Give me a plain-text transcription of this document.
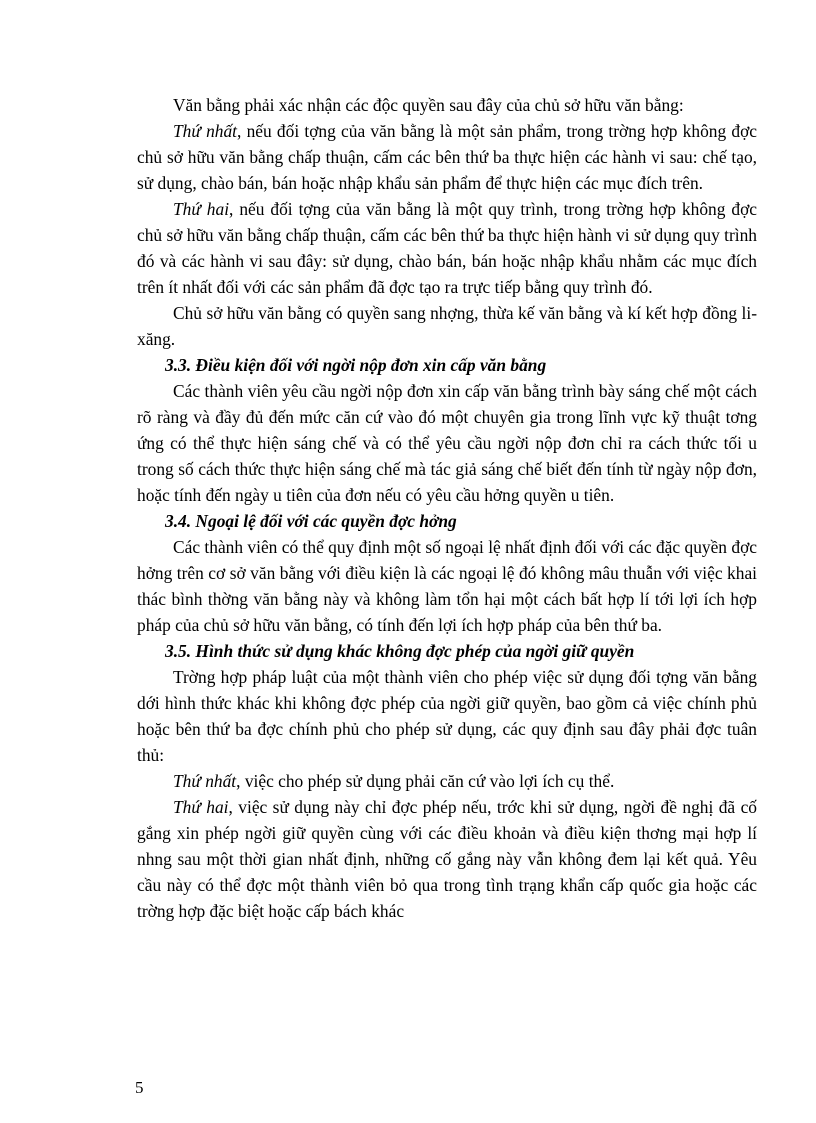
Văn bằng phải xác nhận các độc quyền sau đây của chủ sở hữu văn bằng:

Thứ nhất, nếu đối tợng của văn bằng là một sản phẩm, trong trờng hợp không đợc chủ sở hữu văn bằng chấp thuận, cấm các bên thứ ba thực hiện các hành vi sau: chế tạo, sử dụng, chào bán, bán hoặc nhập khẩu sản phẩm để thực hiện các mục đích trên.

Thứ hai, nếu đối tợng của văn bằng là một quy trình, trong trờng hợp không đợc chủ sở hữu văn bằng chấp thuận, cấm các bên thứ ba thực hiện hành vi sử dụng quy trình đó và các hành vi sau đây: sử dụng, chào bán, bán hoặc nhập khẩu nhằm các mục đích trên ít nhất đối với các sản phẩm đã đợc tạo ra trực tiếp bằng quy trình đó.

Chủ sở hữu văn bằng có quyền sang nhợng, thừa kế văn bằng và kí kết hợp đồng li-xăng.

3.3. Điều kiện đối với ngời nộp đơn xin cấp văn bằng

Các thành viên yêu cầu ngời nộp đơn xin cấp văn bằng trình bày sáng chế một cách rõ ràng và đầy đủ đến mức căn cứ vào đó một chuyên gia trong lĩnh vực kỹ thuật tơng ứng có thể thực hiện sáng chế và có thể yêu cầu ngời nộp đơn chỉ ra cách thức tối u trong số cách thức thực hiện sáng chế mà tác giả sáng chế biết đến tính từ ngày nộp đơn, hoặc tính đến ngày u tiên của đơn nếu có yêu cầu hởng quyền u tiên.

3.4. Ngoại lệ đối với các quyền đợc hởng

Các thành viên có thể quy định một số ngoại lệ nhất định đối với các đặc quyền đợc hởng trên cơ sở văn bằng với điều kiện là các ngoại lệ đó không mâu thuẫn với việc khai thác bình thờng văn bằng này và không làm tổn hại một cách bất hợp lí tới lợi ích hợp pháp của chủ sở hữu văn bằng, có tính đến lợi ích hợp pháp của bên thứ ba.

3.5. Hình thức sử dụng khác không đợc phép của ngời giữ quyền

Trờng hợp pháp luật của một thành viên cho phép việc sử dụng đối tợng văn bằng dới hình thức khác khi không đợc phép của ngời giữ quyền, bao gồm cả việc chính phủ hoặc bên thứ ba đợc chính phủ cho phép sử dụng, các quy định sau đây phải đợc tuân thủ:

Thứ nhất, việc cho phép sử dụng phải căn cứ vào lợi ích cụ thể.

Thứ hai, việc sử dụng này chỉ đợc phép nếu, trớc khi sử dụng, ngời đề nghị đã cố gắng xin phép ngời giữ quyền cùng với các điều khoản và điều kiện thơng mại hợp lí nhng sau một thời gian nhất định, những cố gắng này vẫn không đem lại kết quả. Yêu cầu này có thể đợc một thành viên bỏ qua trong tình trạng khẩn cấp quốc gia hoặc các trờng hợp đặc biệt hoặc cấp bách khác

5
